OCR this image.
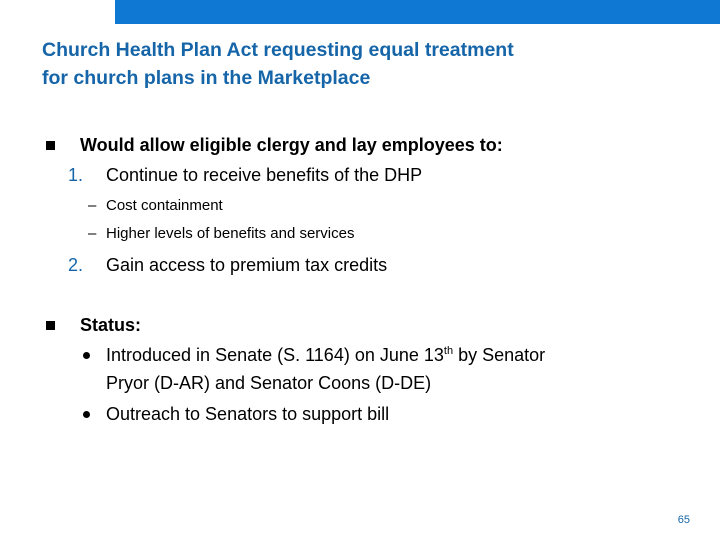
Church Health Plan Act requesting equal treatment
for church plans in the Marketplace
Would allow eligible clergy and lay employees to:
1. Continue to receive benefits of the DHP
– Cost containment
– Higher levels of benefits and services
2. Gain access to premium tax credits
Status:
Introduced in Senate (S. 1164) on June 13th by Senator
Pryor (D-AR) and Senator Coons (D-DE)
Outreach to Senators to support bill
65
